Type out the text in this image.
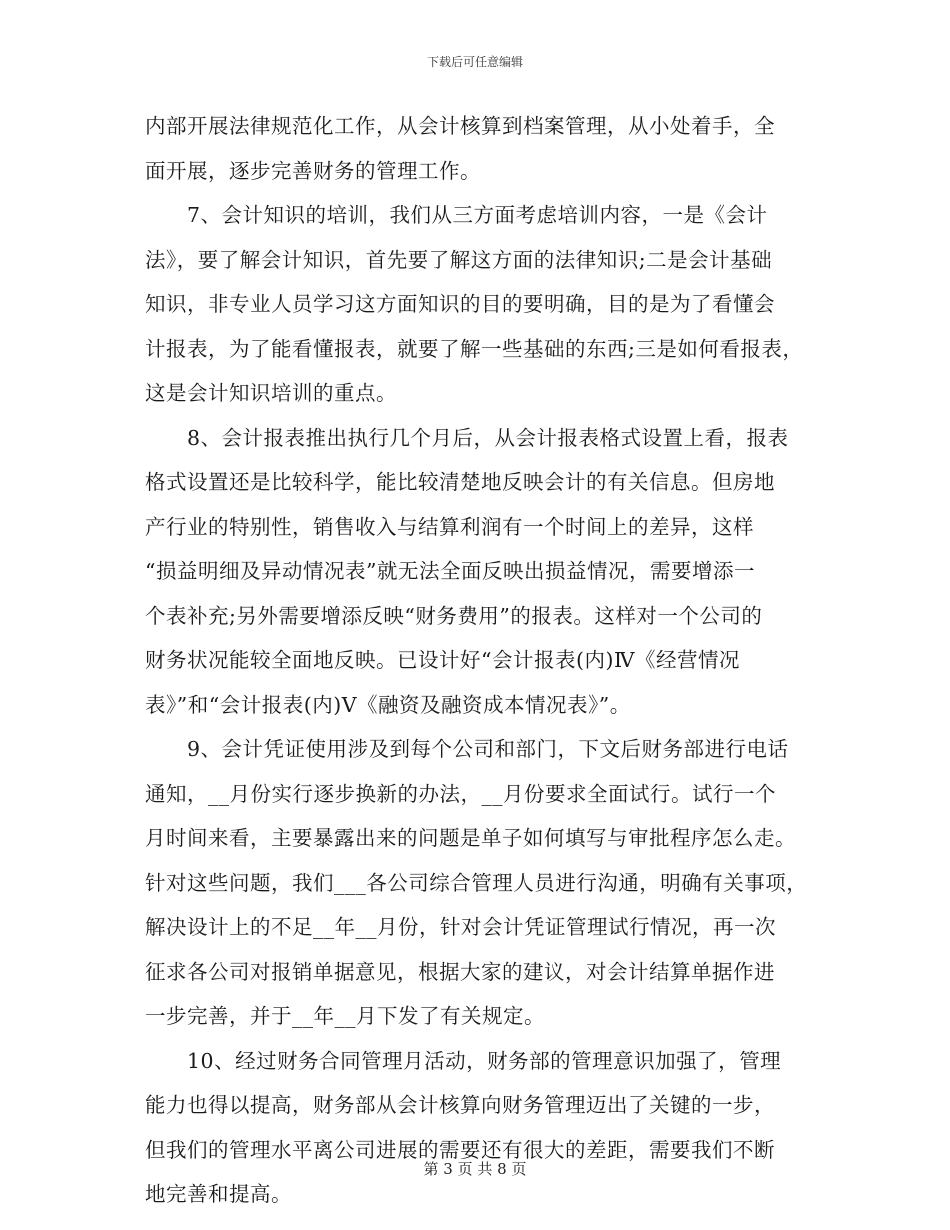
下载后可任意编辑
内部开展法律规范化工作，从会计核算到档案管理，从小处着手，全
面开展，逐步完善财务的管理工作。
7、会计知识的培训，我们从三方面考虑培训内容，一是《会计
法》，要了解会计知识，首先要了解这方面的法律知识;二是会计基础
知识，非专业人员学习这方面知识的目的要明确，目的是为了看懂会
计报表，为了能看懂报表，就要了解一些基础的东西;三是如何看报表，
这是会计知识培训的重点。
8、会计报表推出执行几个月后，从会计报表格式设置上看，报表
格式设置还是比较科学，能比较清楚地反映会计的有关信息。但房地
产行业的特别性，销售收入与结算利润有一个时间上的差异，这样
“损益明细及异动情况表”就无法全面反映出损益情况，需要增添一
个表补充;另外需要增添反映“财务费用”的报表。这样对一个公司的
财务状况能较全面地反映。已设计好“会计报表(内)Ⅳ《经营情况
表》”和“会计报表(内)Ⅴ《融资及融资成本情况表》”。
9、会计凭证使用涉及到每个公司和部门，下文后财务部进行电话
通知，__月份实行逐步换新的办法，__月份要求全面试行。试行一个
月时间来看，主要暴露出来的问题是单子如何填写与审批程序怎么走。
针对这些问题，我们___各公司综合管理人员进行沟通，明确有关事项，
解决设计上的不足__年__月份，针对会计凭证管理试行情况，再一次
征求各公司对报销单据意见，根据大家的建议，对会计结算单据作进
一步完善，并于__年__月下发了有关规定。
10、经过财务合同管理月活动，财务部的管理意识加强了，管理
能力也得以提高，财务部从会计核算向财务管理迈出了关键的一步，
但我们的管理水平离公司进展的需要还有很大的差距，需要我们不断
地完善和提高。
第 3 页 共 8 页
